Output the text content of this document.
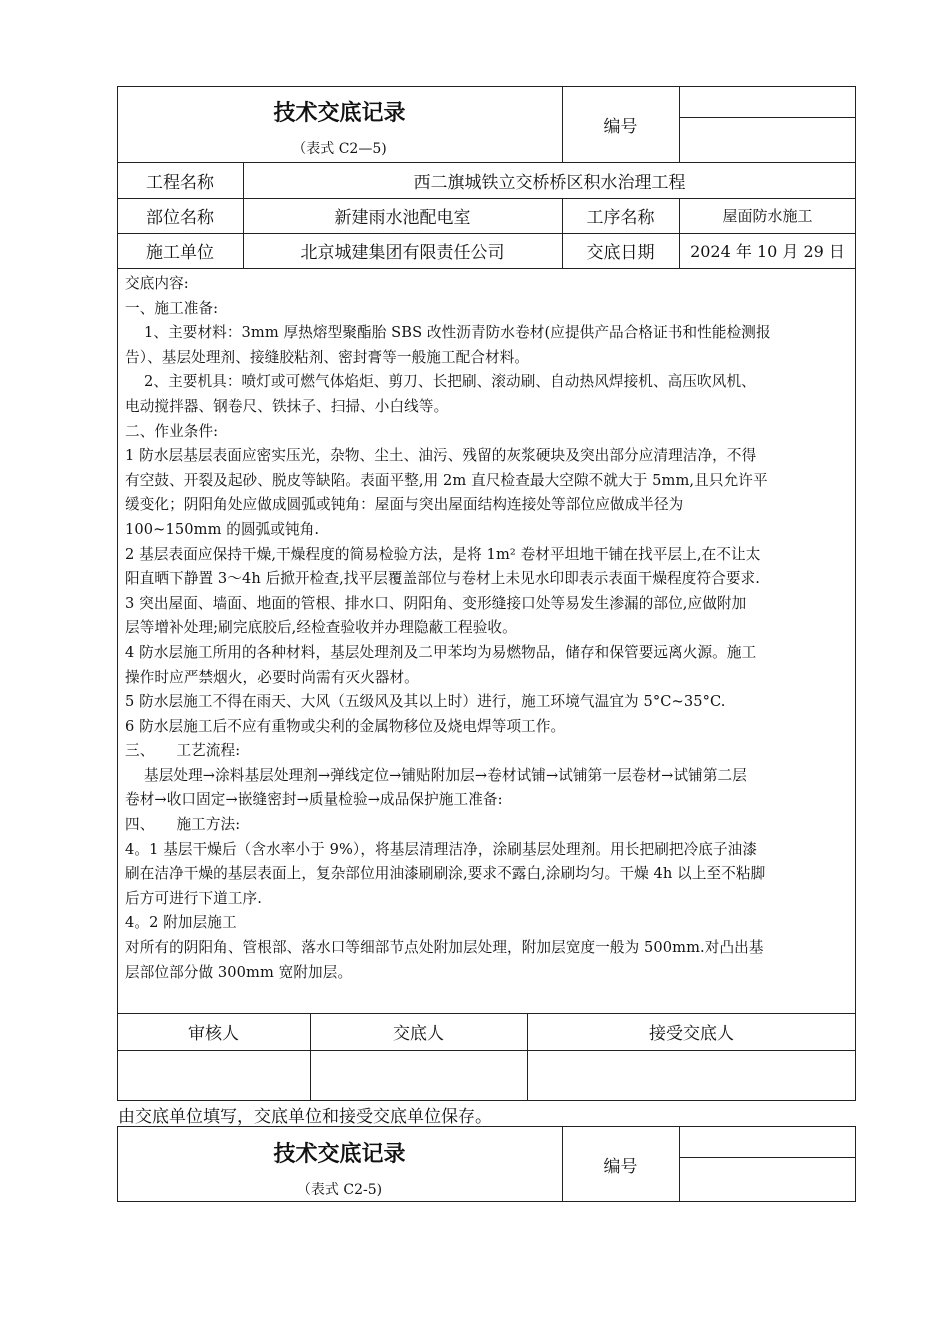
技术交底记录
（表式 C2—5)
编号
工程名称	西二旗城铁立交桥桥区积水治理工程
部位名称	新建雨水池配电室	工序名称	屋面防水施工
施工单位	北京城建集团有限责任公司	交底日期	2024 年 10 月 29 日

交底内容:

一、施工准备:

1、主要材料：3mm 厚热熔型聚酯胎 SBS 改性沥青防水卷材(应提供产品合格证书和性能检测报

告）、基层处理剂、接缝胶粘剂、密封膏等一般施工配合材料。

2、主要机具：喷灯或可燃气体焰炬、剪刀、长把刷、滚动刷、自动热风焊接机、高压吹风机、

电动搅拌器、钢卷尺、铁抹子、扫掃、小白线等。

二、作业条件:

1 防水层基层表面应密实压光，杂物、尘土、油污、残留的灰浆硬块及突出部分应清理洁净，不得

有空鼓、开裂及起砂、脱皮等缺陷。表面平整,用 2m 直尺检查最大空隙不就大于 5mm,且只允许平

缓变化；阴阳角处应做成圆弧或钝角：屋面与突出屋面结构连接处等部位应做成半径为

100~150mm 的圆弧或钝角.

2 基层表面应保持干燥,干燥程度的简易检验方法，是将 1m² 卷材平坦地干铺在找平层上,在不让太

阳直晒下静置 3～4h 后掀开检查,找平层覆盖部位与卷材上未见水印即表示表面干燥程度符合要求.

3 突出屋面、墙面、地面的管根、排水口、阴阳角、变形缝接口处等易发生渗漏的部位,应做附加

层等增补处理;刷完底胶后,经检查验收并办理隐蔽工程验收。

4 防水层施工所用的各种材料，基层处理剂及二甲苯均为易燃物品，储存和保管要远离火源。施工

操作时应严禁烟火，必要时尚需有灭火器材。

5 防水层施工不得在雨天、大风（五级风及其以上时）进行，施工环境气温宜为 5°C~35°C.

6 防水层施工后不应有重物或尖利的金属物移位及烧电焊等项工作。

三、　　工艺流程:

基层处理→涂料基层处理剂→弹线定位→铺贴附加层→卷材试铺→试铺第一层卷材→试铺第二层

卷材→收口固定→嵌缝密封→质量检验→成品保护施工准备:

四、　　施工方法:

4。1 基层干燥后（含水率小于 9%），将基层清理洁净，涂刷基层处理剂。用长把刷把冷底子油漆

刷在洁净干燥的基层表面上，复杂部位用油漆刷刷涂,要求不露白,涂刷均匀。干燥 4h 以上至不粘脚

后方可进行下道工序.

4。2 附加层施工

对所有的阴阳角、管根部、落水口等细部节点处附加层处理，附加层宽度一般为 500mm.对凸出基

层部位部分做 300mm 宽附加层。

审核人	交底人	接受交底人
由交底单位填写，交底单位和接受交底单位保存。
技术交底记录
（表式 C2-5)
编号
